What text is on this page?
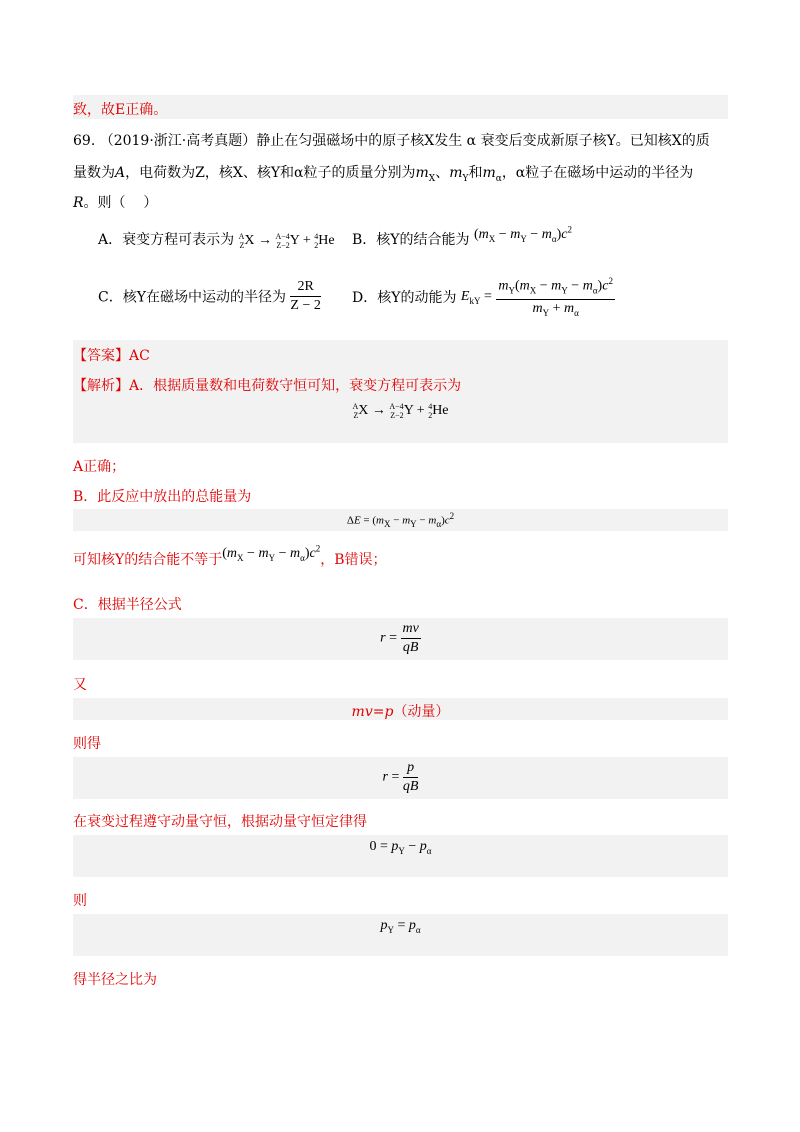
致，故E正确。
69. （2019·浙江·高考真题）静止在匀强磁场中的原子核X发生 α 衰变后变成新原子核Y。已知核X的质
量数为A，电荷数为Z，核X、核Y和α粒子的质量分别为$m_X$、$m_Y$和$m_\alpha$，α粒子在磁场中运动的半径为
R。则（    ）
A．衰变方程可表示为 A
Z X → A−4
Z−2 Y + 4
2 He B．核Y的结合能为 $(m_X - m_Y - m_\alpha)c^2$
C．核Y在磁场中运动的半径为 $\frac{2R}{Z - 2}$ D．核Y的动能为 $E_{kY} = \frac{m_Y(m_X - m_Y - m_\alpha)c^2}{m_Y + m_\alpha}$
【答案】AC
【解析】A．根据质量数和电荷数守恒可知，衰变方程可表示为
A
Z X → A−4
Z−2 Y + 4
2 He
A正确；
B．此反应中放出的总能量为
$\Delta E = (m_X - m_Y - m_\alpha)c^2$
可知核Y的结合能不等于$(m_X - m_Y - m_\alpha)c^2$，B错误；
C．根据半径公式
$r = \frac{mv}{qB}$
又
mv=p（动量）
则得
$r = \frac{p}{qB}$
在衰变过程遵守动量守恒，根据动量守恒定律得
$0 = p_Y - p_\alpha$
则
$p_Y = p_\alpha$
得半径之比为
